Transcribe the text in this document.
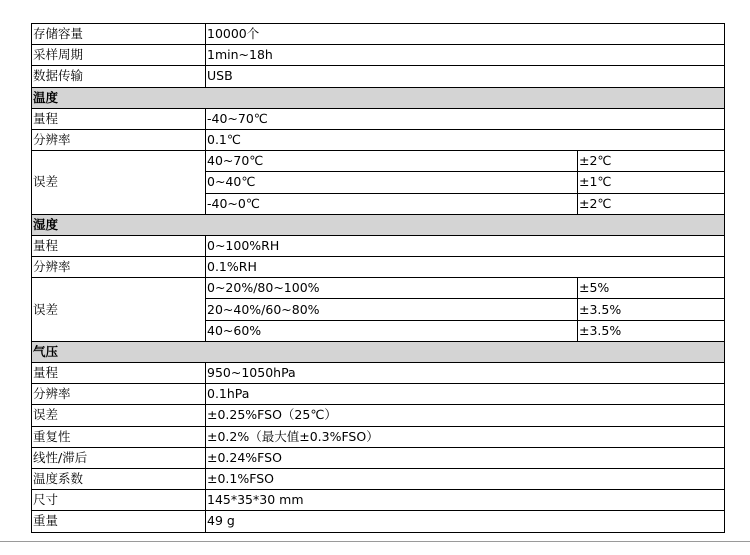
存储容量	10000个	
采样周期	1min~18h	
数据传输	USB	
温度		
量程	-40~70℃	
分辨率	0.1℃	
误差	40~70℃	±2℃
	0~40℃	±1℃
	-40~0℃	±2℃
湿度		
量程	0~100%RH	
分辨率	0.1%RH	
误差	0~20%/80~100%	±5%
	20~40%/60~80%	±3.5%
	40~60%	±3.5%
气压		
量程	950~1050hPa	
分辨率	0.1hPa	
误差	±0.25%FSO（25℃）	
重复性	±0.2%（最大值±0.3%FSO）	
线性/滞后	±0.24%FSO	
温度系数	±0.1%FSO	
尺寸	145*35*30 mm	
重量	49 g	
